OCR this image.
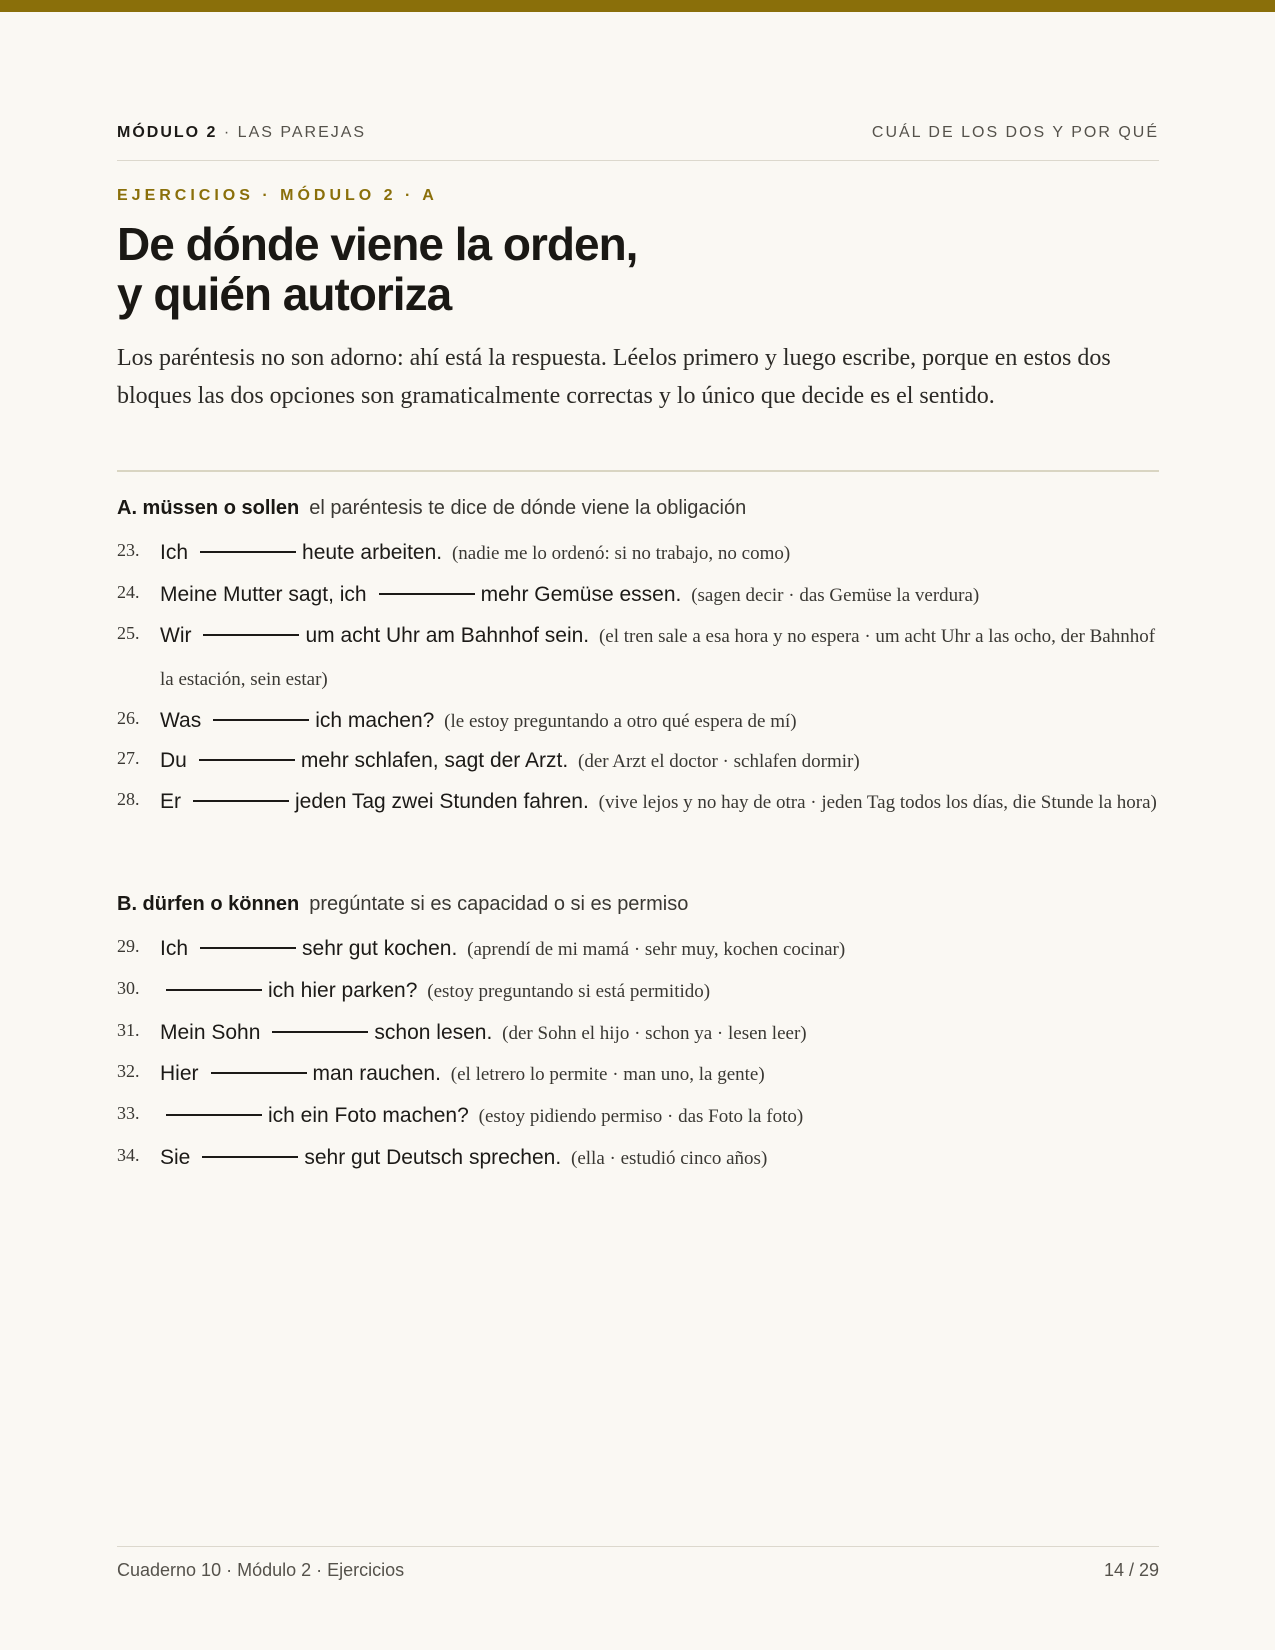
MÓDULO 2 · LAS PAREJAS	CUÁL DE LOS DOS Y POR QUÉ
EJERCICIOS · MÓDULO 2 · A
De dónde viene la orden,
y quién autoriza

Los paréntesis no son adorno: ahí está la respuesta. Léelos primero y luego escribe, porque en estos dos bloques las dos opciones son gramaticalmente correctas y lo único que decide es el sentido.

A. müssen o sollen el paréntesis te dice de dónde viene la obligación
23. Ich	heute arbeiten. (nadie me lo ordenó: si no trabajo, no como)
24. Meine Mutter sagt, ich	mehr Gemüse essen. (sagen decir · das Gemüse la verdura)
25. Wir	um acht Uhr am Bahnhof sein. (el tren sale a esa hora y no espera · um acht Uhr a las ocho, der Bahnhof la estación, sein estar)
26. Was	ich machen? (le estoy preguntando a otro qué espera de mí)
27. Du	mehr schlafen, sagt der Arzt. (der Arzt el doctor · schlafen dormir)
28. Er	jeden Tag zwei Stunden fahren. (vive lejos y no hay de otra · jeden Tag todos los días, die Stunde la hora)
B. dürfen o können pregúntate si es capacidad o si es permiso
29. Ich	sehr gut kochen. (aprendí de mi mamá · sehr muy, kochen cocinar)
30.	ich hier parken? (estoy preguntando si está permitido)
31. Mein Sohn	schon lesen. (der Sohn el hijo · schon ya · lesen leer)
32. Hier	man rauchen. (el letrero lo permite · man uno, la gente)
33.	ich ein Foto machen? (estoy pidiendo permiso · das Foto la foto)
34. Sie	sehr gut Deutsch sprechen. (ella · estudió cinco años)
Cuaderno 10 · Módulo 2 · Ejercicios	14 / 29
